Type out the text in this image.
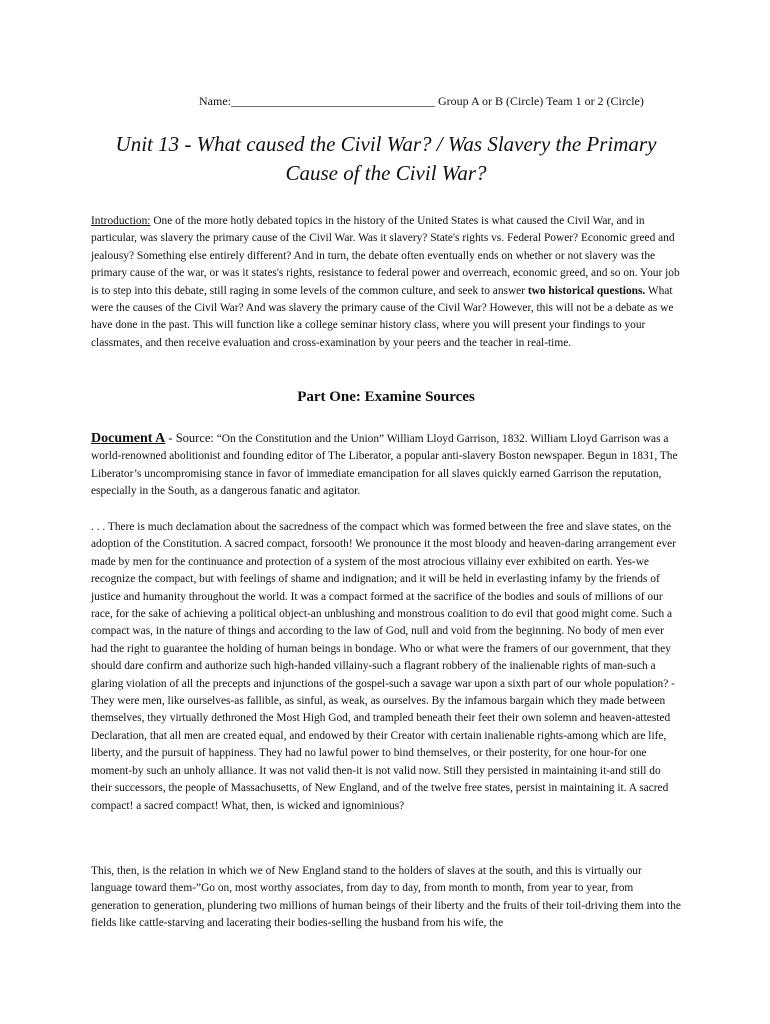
Name:__________________________________ Group A or B (Circle) Team 1 or 2 (Circle)
Unit 13 - What caused the Civil War? / Was Slavery the Primary Cause of the Civil War?

Introduction: One of the more hotly debated topics in the history of the United States is what caused the Civil War, and in particular, was slavery the primary cause of the Civil War. Was it slavery? State's rights vs. Federal Power? Economic greed and jealousy? Something else entirely different? And in turn, the debate often eventually ends on whether or not slavery was the primary cause of the war, or was it states's rights, resistance to federal power and overreach, economic greed, and so on. Your job is to step into this debate, still raging in some levels of the common culture, and seek to answer two historical questions. What were the causes of the Civil War? And was slavery the primary cause of the Civil War? However, this will not be a debate as we have done in the past. This will function like a college seminar history class, where you will present your findings to your classmates, and then receive evaluation and cross-examination by your peers and the teacher in real-time.

Part One: Examine Sources

Document A - Source: “On the Constitution and the Union” William Lloyd Garrison, 1832. William Lloyd Garrison was a world-renowned abolitionist and founding editor of The Liberator, a popular anti-slavery Boston newspaper. Begun in 1831, The Liberator’s uncompromising stance in favor of immediate emancipation for all slaves quickly earned Garrison the reputation, especially in the South, as a dangerous fanatic and agitator.

. . . There is much declamation about the sacredness of the compact which was formed between the free and slave states, on the adoption of the Constitution. A sacred compact, forsooth! We pronounce it the most bloody and heaven-daring arrangement ever made by men for the continuance and protection of a system of the most atrocious villainy ever exhibited on earth. Yes-we recognize the compact, but with feelings of shame and indignation; and it will be held in everlasting infamy by the friends of justice and humanity throughout the world. It was a compact formed at the sacrifice of the bodies and souls of millions of our race, for the sake of achieving a political object-an unblushing and monstrous coalition to do evil that good might come. Such a compact was, in the nature of things and according to the law of God, null and void from the beginning. No body of men ever had the right to guarantee the holding of human beings in bondage. Who or what were the framers of our government, that they should dare confirm and authorize such high-handed villainy-such a flagrant robbery of the inalienable rights of man-such a glaring violation of all the precepts and injunctions of the gospel-such a savage war upon a sixth part of our whole population? -They were men, like ourselves-as fallible, as sinful, as weak, as ourselves. By the infamous bargain which they made between themselves, they virtually dethroned the Most High God, and trampled beneath their feet their own solemn and heaven-attested Declaration, that all men are created equal, and endowed by their Creator with certain inalienable rights-among which are life, liberty, and the pursuit of happiness. They had no lawful power to bind themselves, or their posterity, for one hour-for one moment-by such an unholy alliance. It was not valid then-it is not valid now. Still they persisted in maintaining it-and still do their successors, the people of Massachusetts, of New England, and of the twelve free states, persist in maintaining it. A sacred compact! a sacred compact! What, then, is wicked and ignominious?

This, then, is the relation in which we of New England stand to the holders of slaves at the south, and this is virtually our language toward them-”Go on, most worthy associates, from day to day, from month to month, from year to year, from generation to generation, plundering two millions of human beings of their liberty and the fruits of their toil-driving them into the fields like cattle-starving and lacerating their bodies-selling the husband from his wife, the
